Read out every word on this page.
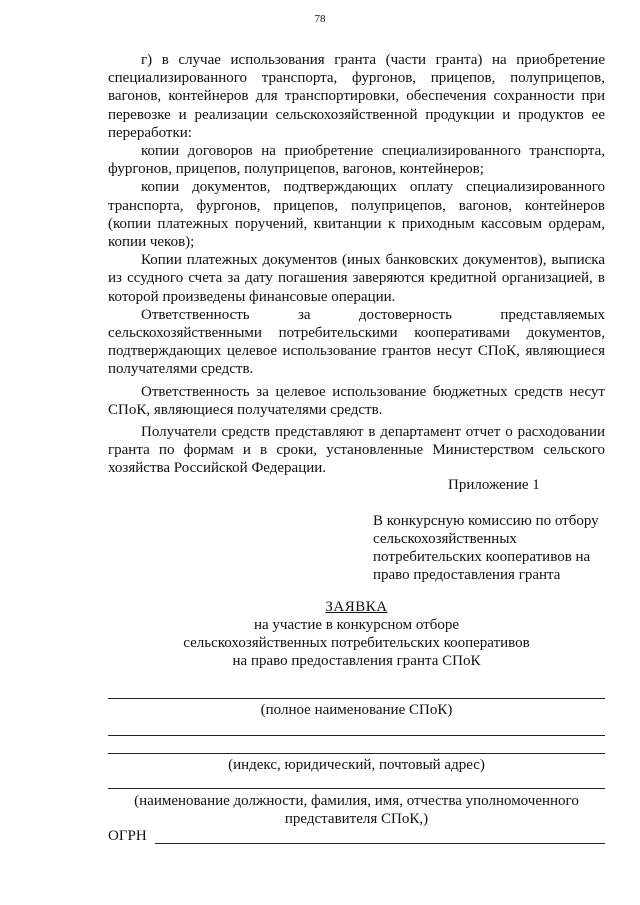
78

г) в случае использования гранта (части гранта) на приобретение специализированного транспорта, фургонов, прицепов, полуприцепов, вагонов, контейнеров для транспортировки, обеспечения сохранности при перевозке и реализации сельскохозяйственной продукции и продуктов ее переработки:

копии договоров на приобретение специализированного транспорта, фургонов, прицепов, полуприцепов, вагонов, контейнеров;

копии документов, подтверждающих оплату специализированного транспорта, фургонов, прицепов, полуприцепов, вагонов, контейнеров (копии платежных поручений, квитанции к приходным кассовым ордерам, копии чеков);

Копии платежных документов (иных банковских документов), выписка из ссудного счета за дату погашения заверяются кредитной организацией, в которой произведены финансовые операции.

Ответственность за достоверность представляемых сельскохозяйственными потребительскими кооперативами документов, подтверждающих целевое использование грантов несут СПоК, являющиеся получателями средств.

Ответственность за целевое использование бюджетных средств несут СПоК, являющиеся получателями средств.

Получатели средств представляют в департамент отчет о расходовании гранта по формам и в сроки, установленные Министерством сельского хозяйства Российской Федерации.

Приложение 1
В конкурсную комиссию по отбору сельскохозяйственных потребительских кооперативов на право предоставления гранта
ЗАЯВКА
на участие в конкурсном отборе
сельскохозяйственных потребительских кооперативов
на право предоставления гранта СПоК
(полное наименование СПоК)
(индекс, юридический, почтовый адрес)
(наименование должности, фамилия, имя, отчества уполномоченного
представителя СПоК,)
ОГРН
